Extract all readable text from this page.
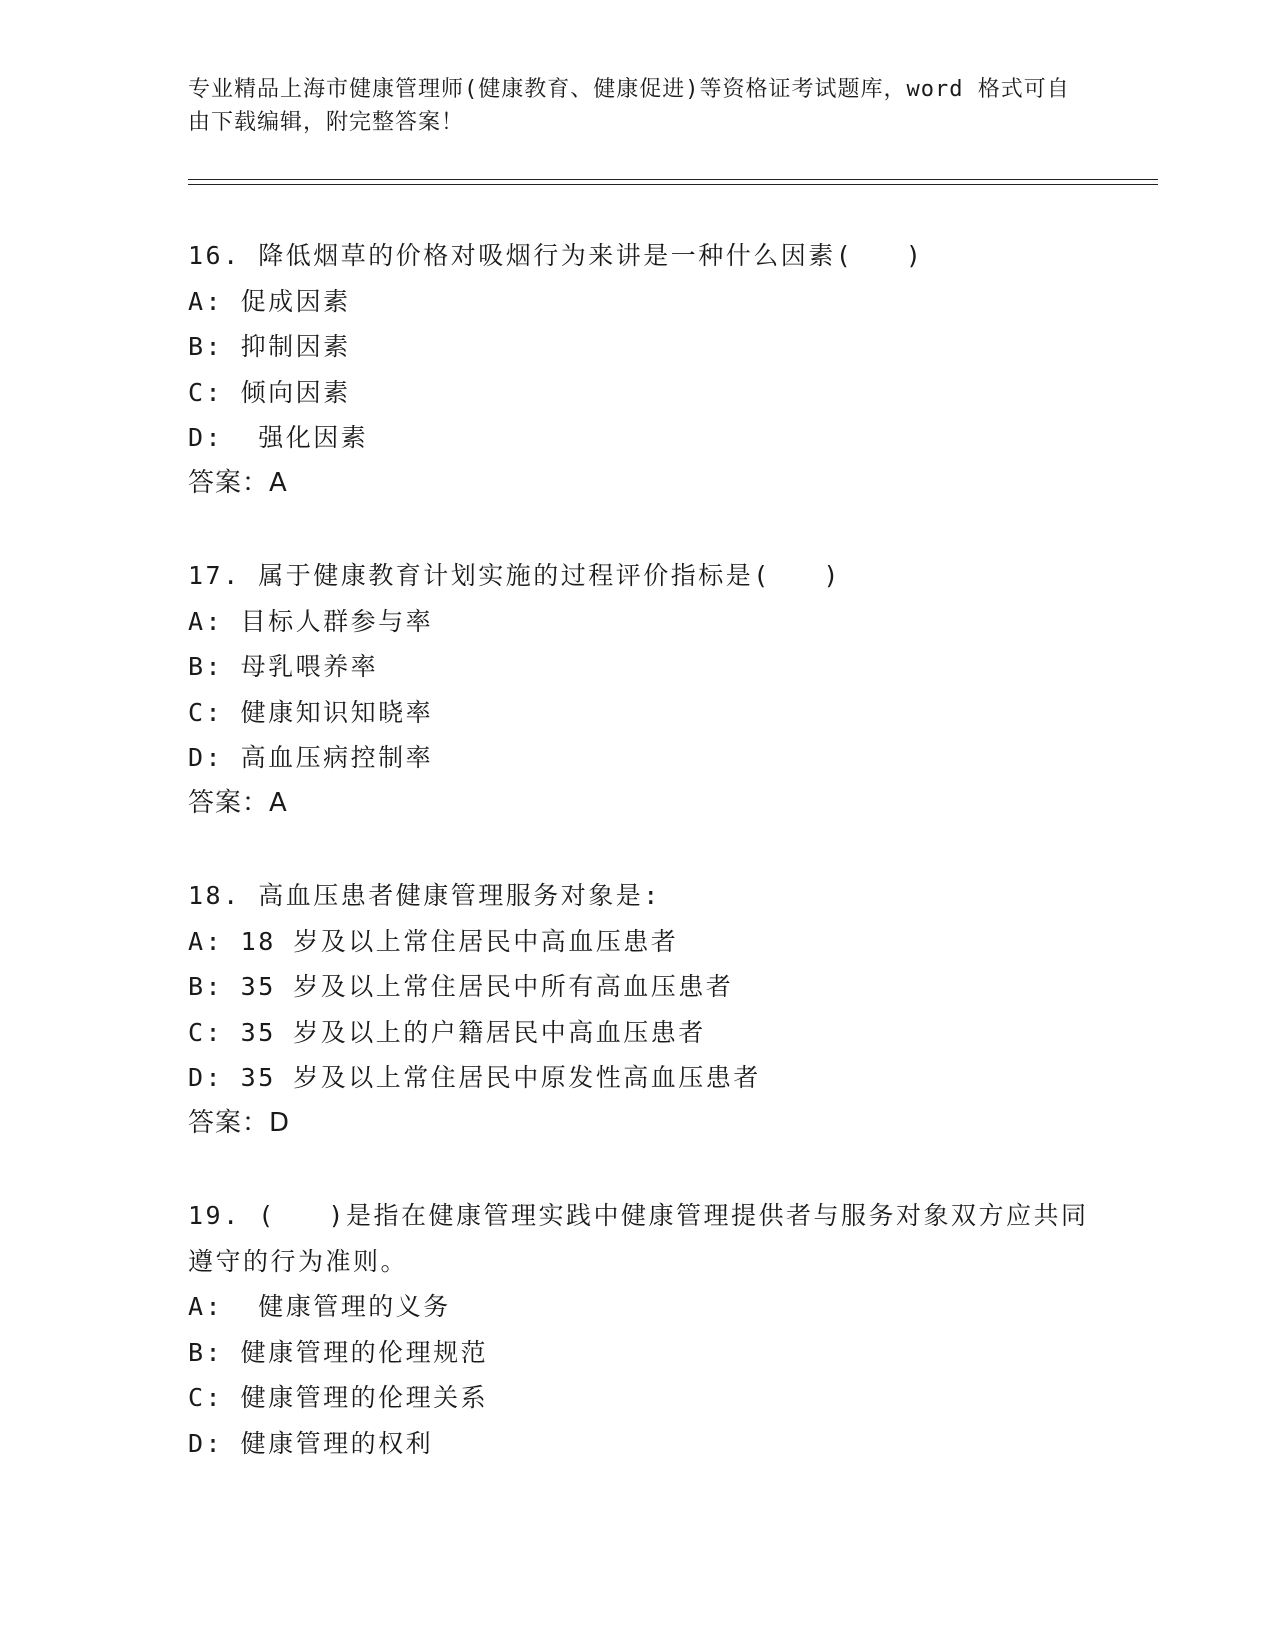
专业精品上海市健康管理师(健康教育、健康促进)等资格证考试题库，word 格式可自由下载编辑，附完整答案！
16. 降低烟草的价格对吸烟行为来讲是一种什么因素(   )
A: 促成因素
B: 抑制因素
C: 倾向因素
D:  强化因素
答案：A
17. 属于健康教育计划实施的过程评价指标是(   )
A: 目标人群参与率
B: 母乳喂养率
C: 健康知识知晓率
D: 高血压病控制率
答案：A
18. 高血压患者健康管理服务对象是:
A: 18 岁及以上常住居民中高血压患者
B: 35 岁及以上常住居民中所有高血压患者
C: 35 岁及以上的户籍居民中高血压患者
D: 35 岁及以上常住居民中原发性高血压患者
答案：D
19. (   )是指在健康管理实践中健康管理提供者与服务对象双方应共同遵守的行为准则。
A:  健康管理的义务
B: 健康管理的伦理规范
C: 健康管理的伦理关系
D: 健康管理的权利
